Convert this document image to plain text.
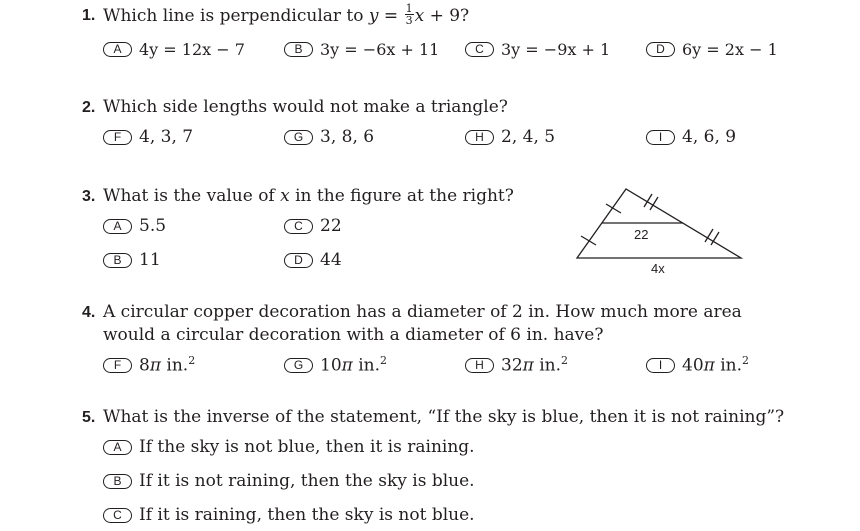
1. Which line is perpendicular to $y = \frac{1}{3}$ x + 9?
A	4y = 12x − 7	B	3y = −6x + 11	C	3y = −9x + 1	D	6y = 2x − 1
2. Which side lengths would not make a triangle?
F	4, 3, 7	G 3, 8, 6	H	2, 4, 5	I	4, 6, 9
3. What is the value of x in the figure at the right?
A	5.5	C	22
B	11	D	44
22
4x
4. A circular copper decoration has a diameter of 2 in. How much more area
would a circular decoration with a diameter of 6 in. have?
F	8π in.$^2$	G 10π in.$^2$	H	32π in.$^2$	I	40π in.$^2$
5. What is the inverse of the statement, “If the sky is blue, then it is not raining”?
A	If the sky is not blue, then it is raining.
B	If it is not raining, then the sky is blue.
C	If it is raining, then the sky is not blue.
